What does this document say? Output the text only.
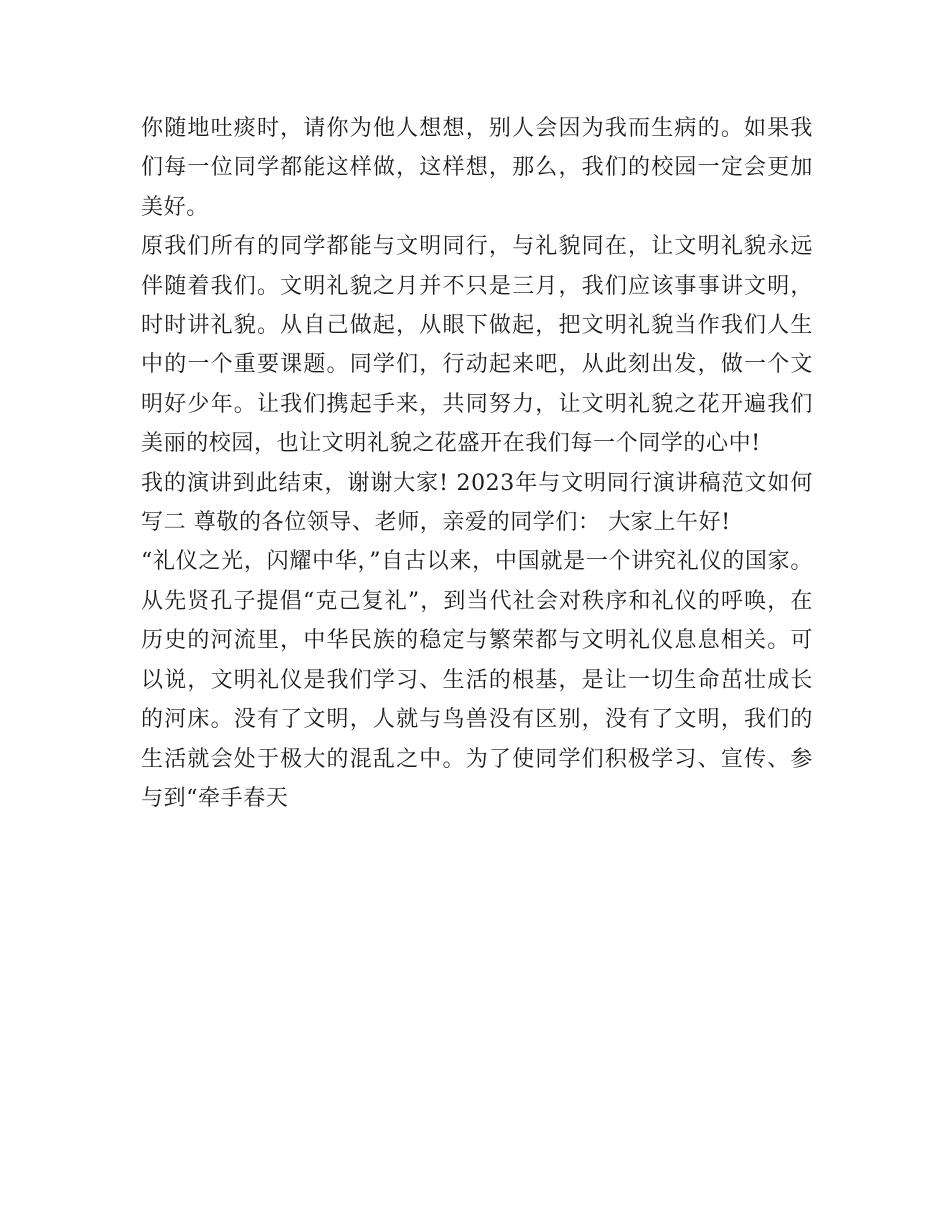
你随地吐痰时，请你为他人想想，别人会因为我而生病的。如果我们每一位同学都能这样做，这样想，那么，我们的校园一定会更加美好。

原我们所有的同学都能与文明同行，与礼貌同在，让文明礼貌永远伴随着我们。文明礼貌之月并不只是三月，我们应该事事讲文明，时时讲礼貌。从自己做起，从眼下做起，把文明礼貌当作我们人生中的一个重要课题。同学们，行动起来吧，从此刻出发，做一个文明好少年。让我们携起手来，共同努力，让文明礼貌之花开遍我们美丽的校园，也让文明礼貌之花盛开在我们每一个同学的心中!

我的演讲到此结束，谢谢大家! 2023年与文明同行演讲稿范文如何写二 尊敬的各位领导、老师，亲爱的同学们： 大家上午好!

“礼仪之光，闪耀中华，”自古以来，中国就是一个讲究礼仪的国家。从先贤孔子提倡“克己复礼”，到当代社会对秩序和礼仪的呼唤，在历史的河流里，中华民族的稳定与繁荣都与文明礼仪息息相关。可以说，文明礼仪是我们学习、生活的根基，是让一切生命茁壮成长的河床。没有了文明，人就与鸟兽没有区别，没有了文明，我们的生活就会处于极大的混乱之中。为了使同学们积极学习、宣传、参与到“牵手春天
